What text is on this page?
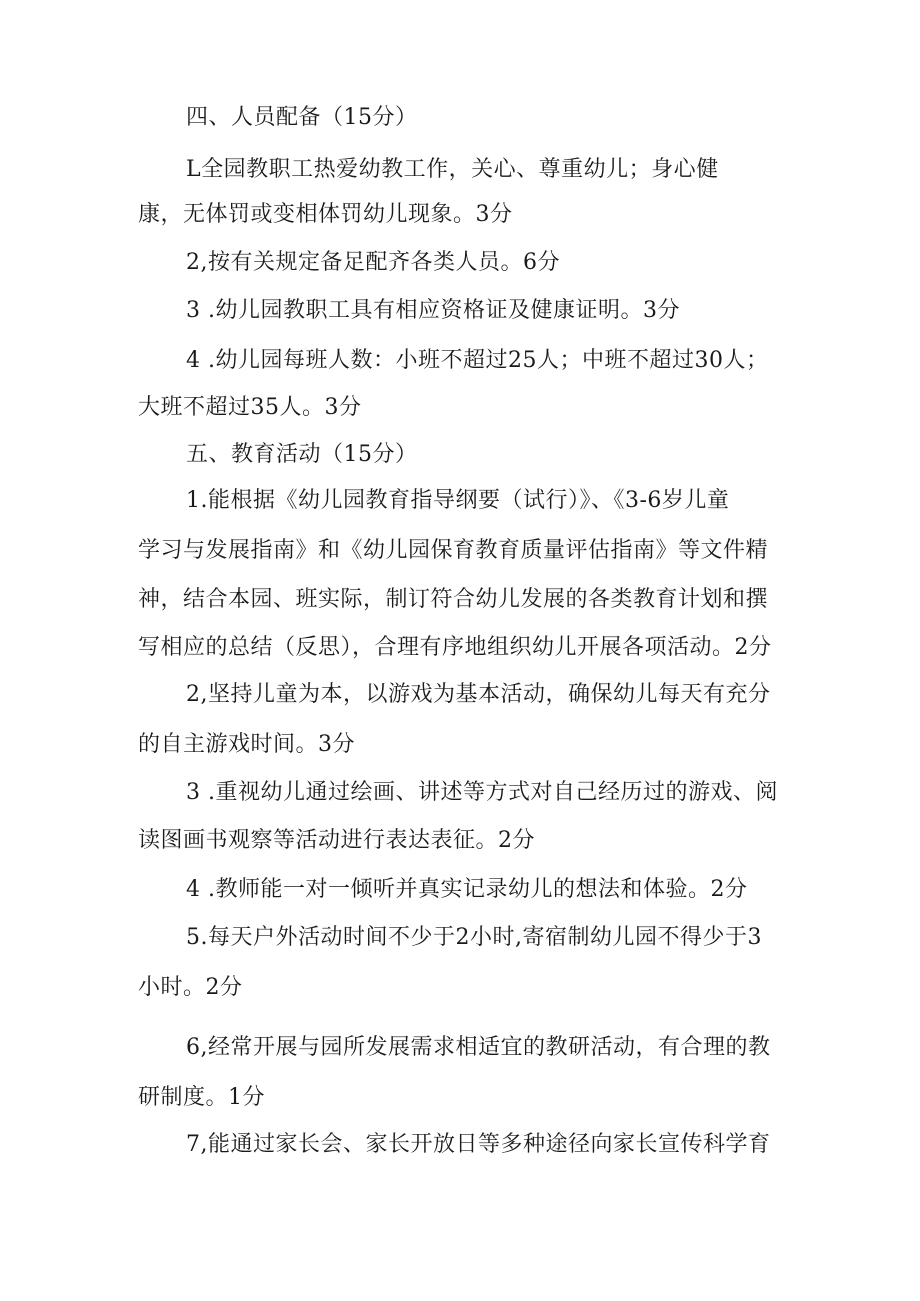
四、人员配备（15分）
L全园教职工热爱幼教工作，关心、尊重幼儿；身心健
康，无体罚或变相体罚幼儿现象。3分
2,按有关规定备足配齐各类人员。6分
3 .幼儿园教职工具有相应资格证及健康证明。3分
4 .幼儿园每班人数：小班不超过25人；中班不超过30人；
大班不超过35人。3分
五、教育活动（15分）
1.能根据《幼儿园教育指导纲要（试行）》、《3-6岁儿童
学习与发展指南》和《幼儿园保育教育质量评估指南》等文件精
神，结合本园、班实际，制订符合幼儿发展的各类教育计划和撰
写相应的总结（反思），合理有序地组织幼儿开展各项活动。2分
2,坚持儿童为本，以游戏为基本活动，确保幼儿每天有充分
的自主游戏时间。3分
3 .重视幼儿通过绘画、讲述等方式对自己经历过的游戏、阅
读图画书观察等活动进行表达表征。2分
4 .教师能一对一倾听并真实记录幼儿的想法和体验。2分
5.每天户外活动时间不少于2小时,寄宿制幼儿园不得少于3
小时。2分
6,经常开展与园所发展需求相适宜的教研活动，有合理的教
研制度。1分
7,能通过家长会、家长开放日等多种途径向家长宣传科学育
